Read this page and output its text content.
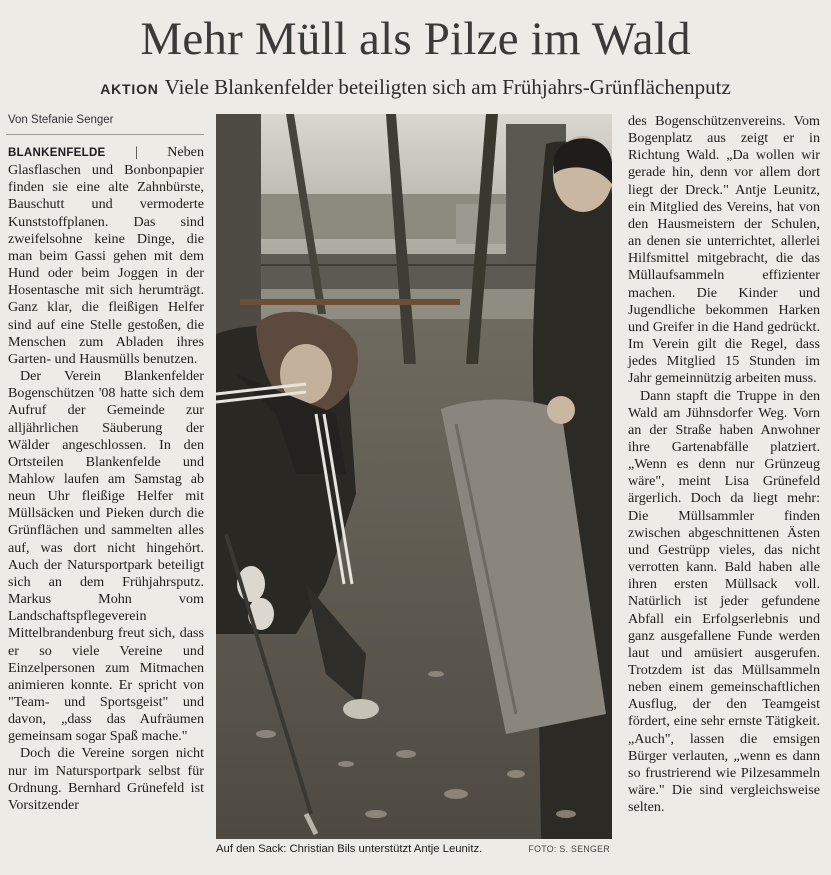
Mehr Müll als Pilze im Wald
AKTION Viele Blankenfelder beteiligten sich am Frühjahrs-Grünflächenputz
Von Stefanie Senger

BLANKENFELDE | Neben Glasflaschen und Bonbonpapier finden sie eine alte Zahnbürste, Bauschutt und vermoderte Kunststoffplanen. Das sind zweifelsohne keine Dinge, die man beim Gassi gehen mit dem Hund oder beim Joggen in der Hosentasche mit sich herumträgt. Ganz klar, die fleißigen Helfer sind auf eine Stelle gestoßen, die Menschen zum Abladen ihres Garten- und Hausmülls benutzen.

Der Verein Blankenfelder Bogenschützen '08 hatte sich dem Aufruf der Gemeinde zur alljährlichen Säuberung der Wälder angeschlossen. In den Ortsteilen Blankenfelde und Mahlow laufen am Samstag ab neun Uhr fleißige Helfer mit Müllsäcken und Pieken durch die Grünflächen und sammelten alles auf, was dort nicht hingehört. Auch der Natursportpark beteiligt sich an dem Frühjahrsputz. Markus Mohn vom Landschaftspflegeverein Mittelbrandenburg freut sich, dass er so viele Vereine und Einzelpersonen zum Mitmachen animieren konnte. Er spricht von "Team- und Sportsgeist" und davon, „dass das Aufräumen gemeinsam sogar Spaß mache."

Doch die Vereine sorgen nicht nur im Natursportpark selbst für Ordnung. Bernhard Grünefeld ist Vorsitzender

Auf den Sack: Christian Bils unterstützt Antje Leunitz.	FOTO: S. SENGER

des Bogenschützenvereins. Vom Bogenplatz aus zeigt er in Richtung Wald. „Da wollen wir gerade hin, denn vor allem dort liegt der Dreck." Antje Leunitz, ein Mitglied des Vereins, hat von den Hausmeistern der Schulen, an denen sie unterrichtet, allerlei Hilfsmittel mitgebracht, die das Müllaufsammeln effizienter machen. Die Kinder und Jugendliche bekommen Harken und Greifer in die Hand gedrückt. Im Verein gilt die Regel, dass jedes Mitglied 15 Stunden im Jahr gemeinnützig arbeiten muss.

Dann stapft die Truppe in den Wald am Jühnsdorfer Weg. Vorn an der Straße haben Anwohner ihre Gartenabfälle platziert. „Wenn es denn nur Grünzeug wäre", meint Lisa Grünefeld ärgerlich. Doch da liegt mehr: Die Müllsammler finden zwischen abgeschnittenen Ästen und Gestrüpp vieles, das nicht verrotten kann. Bald haben alle ihren ersten Müllsack voll. Natürlich ist jeder gefundene Abfall ein Erfolgserlebnis und ganz ausgefallene Funde werden laut und amüsiert ausgerufen. Trotzdem ist das Müllsammeln neben einem gemeinschaftlichen Ausflug, der den Teamgeist fördert, eine sehr ernste Tätigkeit. „Auch", lassen die emsigen Bürger verlauten, „wenn es dann so frustrierend wie Pilzesammeln wäre." Die sind vergleichsweise selten.
